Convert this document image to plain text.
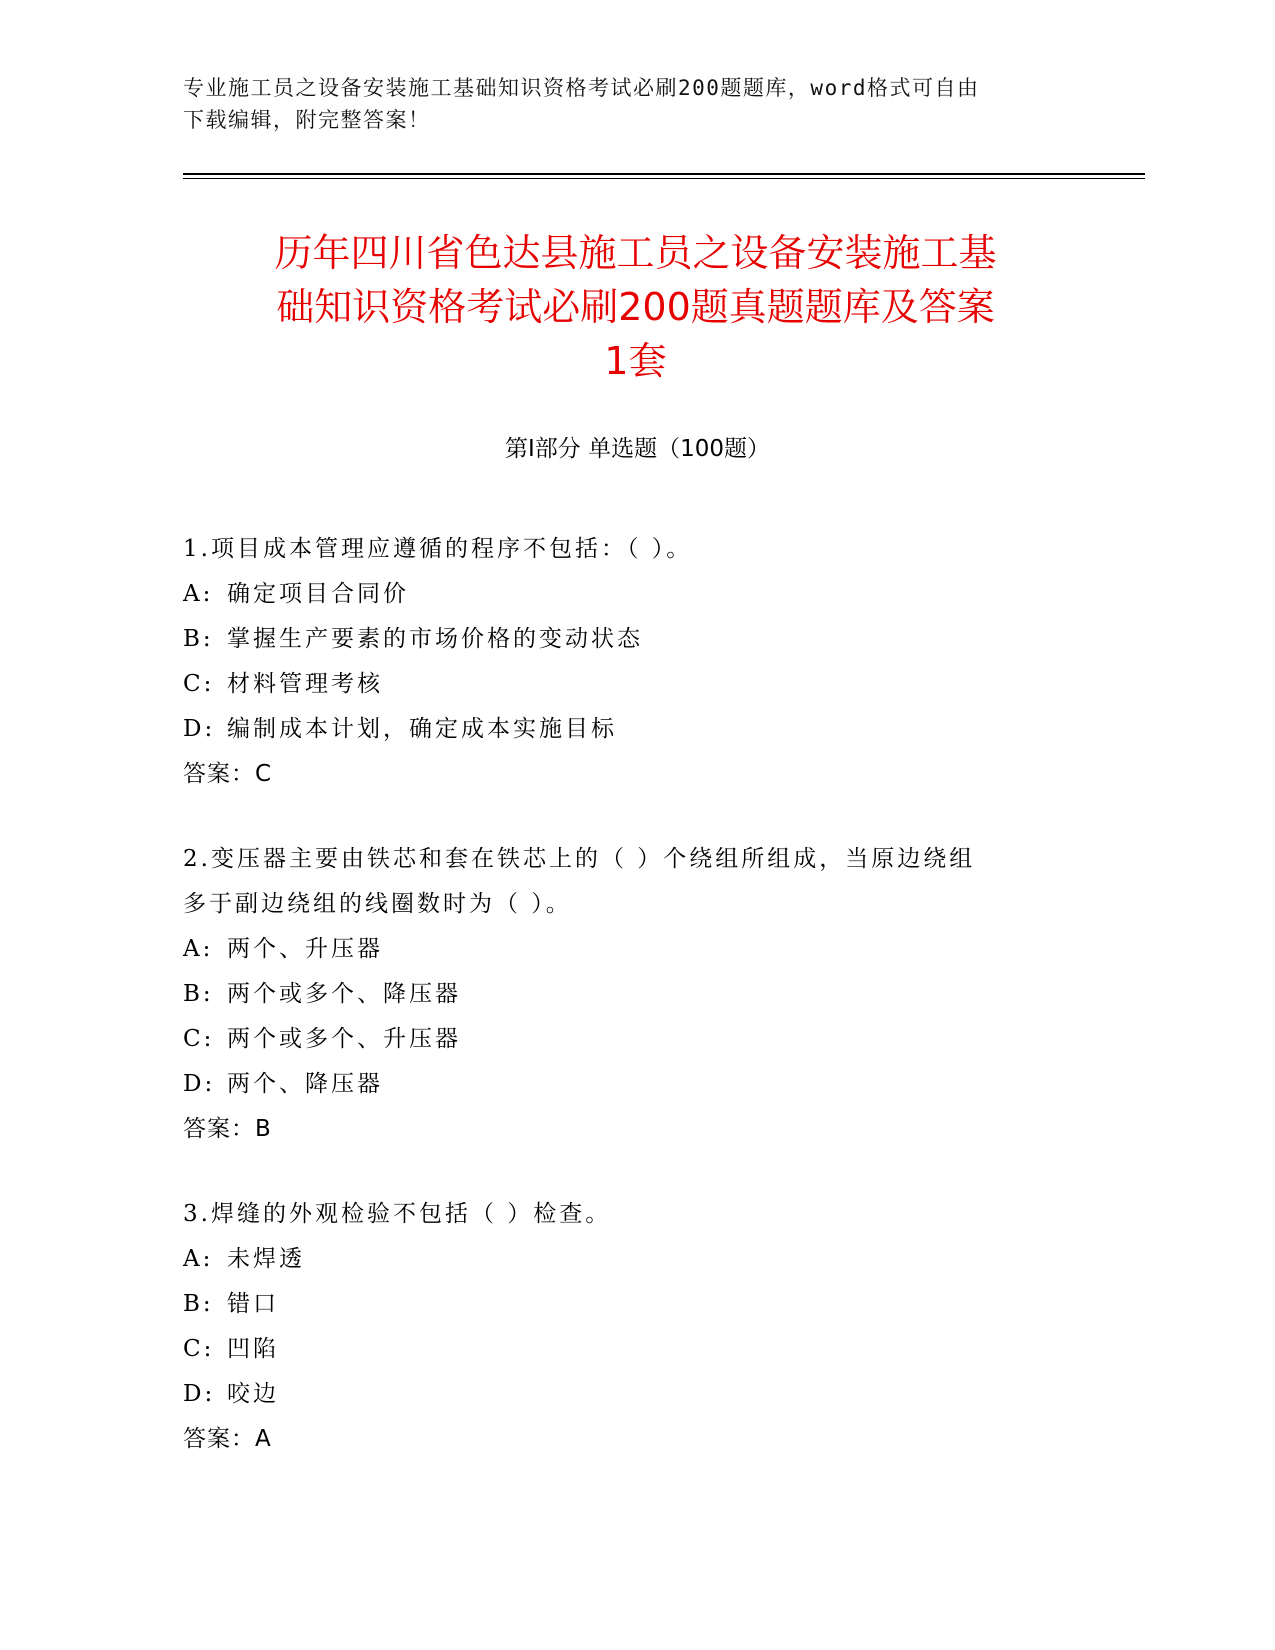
专业施工员之设备安装施工基础知识资格考试必刷200题题库，word格式可自由
下载编辑，附完整答案！
历年四川省色达县施工员之设备安装施工基
础知识资格考试必刷200题真题题库及答案
1套
第Ⅰ部分 单选题（100题）
1.项目成本管理应遵循的程序不包括：（ ）。
A: 确定项目合同价
B: 掌握生产要素的市场价格的变动状态
C: 材料管理考核
D: 编制成本计划，确定成本实施目标
答案：C
2.变压器主要由铁芯和套在铁芯上的（ ）个绕组所组成，当原边绕组
多于副边绕组的线圈数时为（ ）。
A: 两个、升压器
B: 两个或多个、降压器
C: 两个或多个、升压器
D: 两个、降压器
答案：B
3.焊缝的外观检验不包括（ ）检查。
A: 未焊透
B: 错口
C: 凹陷
D: 咬边
答案：A
